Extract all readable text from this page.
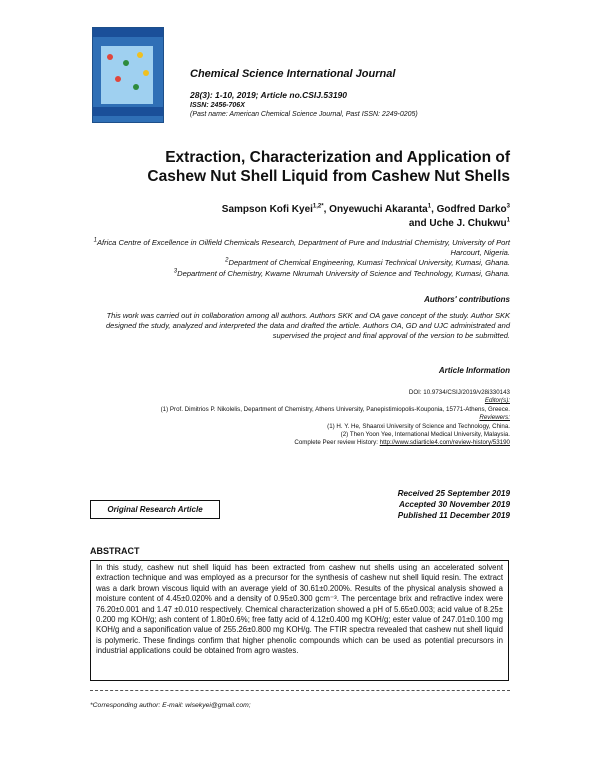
Chemical Science International Journal
28(3): 1-10, 2019; Article no.CSIJ.53190
ISSN: 2456-706X
(Past name: American Chemical Science Journal, Past ISSN: 2249-0205)
Extraction, Characterization and Application of
Cashew Nut Shell Liquid from Cashew Nut Shells
Sampson Kofi Kyei$^{1,2*}$, Onyewuchi Akaranta$^1$, Godfred Darko$^3$
and Uche J. Chukwu$^1$
$^1$Africa Centre of Excellence in Oilfield Chemicals Research, Department of Pure and Industrial Chemistry, University of Port Harcourt, Nigeria.
$^2$Department of Chemical Engineering, Kumasi Technical University, Kumasi, Ghana.
$^3$Department of Chemistry, Kwame Nkrumah University of Science and Technology, Kumasi, Ghana.
Authors' contributions
This work was carried out in collaboration among all authors. Authors SKK and OA gave concept of the study. Author SKK designed the study, analyzed and interpreted the data and drafted the article. Authors OA, GD and UJC administrated and supervised the project and final approval of the version to be submitted.
Article Information
DOI: 10.9734/CSIJ/2019/v28i330143
Editor(s):
(1) Prof. Dimitrios P. Nikolelis, Department of Chemistry, Athens University, Panepistimiopolis-Kouponia, 15771-Athens, Greece.
Reviewers:
(1) H. Y. He, Shaanxi University of Science and Technology, China.
(2) Then Yoon Yee, International Medical University, Malaysia.
Complete Peer review History: http://www.sdiarticle4.com/review-history/53190
Received 25 September 2019
Accepted 30 November 2019
Published 11 December 2019
Original Research Article
ABSTRACT
In this study, cashew nut shell liquid has been extracted from cashew nut shells using an accelerated solvent extraction technique and was employed as a precursor for the synthesis of cashew nut shell liquid resin. The extract was a dark brown viscous liquid with an average yield of 30.61±0.200%. Results of the physical analysis showed a moisture content of 4.45±0.020% and a density of 0.95±0.300 gcm⁻³. The percentage brix and refractive index were 76.20±0.001 and 1.47 ±0.010 respectively. Chemical characterization showed a pH of 5.65±0.003; acid value of 8.25± 0.200 mg KOH/g; ash content of 1.80±0.6%; free fatty acid of 4.12±0.400 mg KOH/g; ester value of 247.01±0.100 mg KOH/g and a saponification value of 255.26±0.800 mg KOH/g. The FTIR spectra revealed that cashew nut shell liquid is polymeric. These findings confirm that higher phenolic compounds which can be used as potential precursors in industrial applications could be obtained from agro wastes.
*Corresponding author: E-mail: wisekyei@gmail.com;
